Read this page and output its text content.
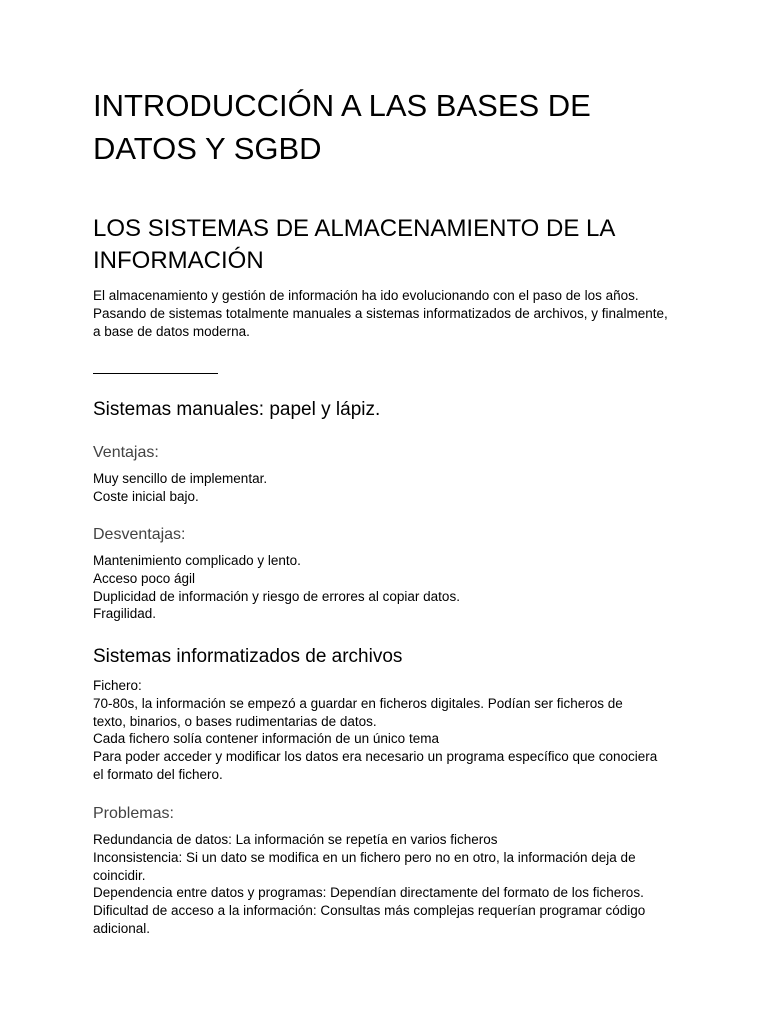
INTRODUCCIÓN A LAS BASES DE DATOS Y SGBD
LOS SISTEMAS DE ALMACENAMIENTO DE LA INFORMACIÓN
El almacenamiento y gestión de información ha ido evolucionando con el paso de los años.
Pasando de sistemas totalmente manuales a sistemas informatizados de archivos, y finalmente, a base de datos moderna.
Sistemas manuales: papel y lápiz.
Ventajas:
Muy sencillo de implementar.
Coste inicial bajo.
Desventajas:
Mantenimiento complicado y lento.
Acceso poco ágil
Duplicidad de información y riesgo de errores al copiar datos.
Fragilidad.
Sistemas informatizados de archivos
Fichero:
70-80s, la información se empezó a guardar en ficheros digitales. Podían ser ficheros de texto, binarios, o bases rudimentarias de datos.
Cada fichero solía contener información de un único tema
Para poder acceder y modificar los datos era necesario un programa específico que conociera el formato del fichero.
Problemas:
Redundancia de datos: La información se repetía en varios ficheros
Inconsistencia: Si un dato se modifica en un fichero pero no en otro, la información deja de coincidir.
Dependencia entre datos y programas: Dependían directamente del formato de los ficheros.
Dificultad de acceso a la información: Consultas más complejas requerían programar código adicional.
